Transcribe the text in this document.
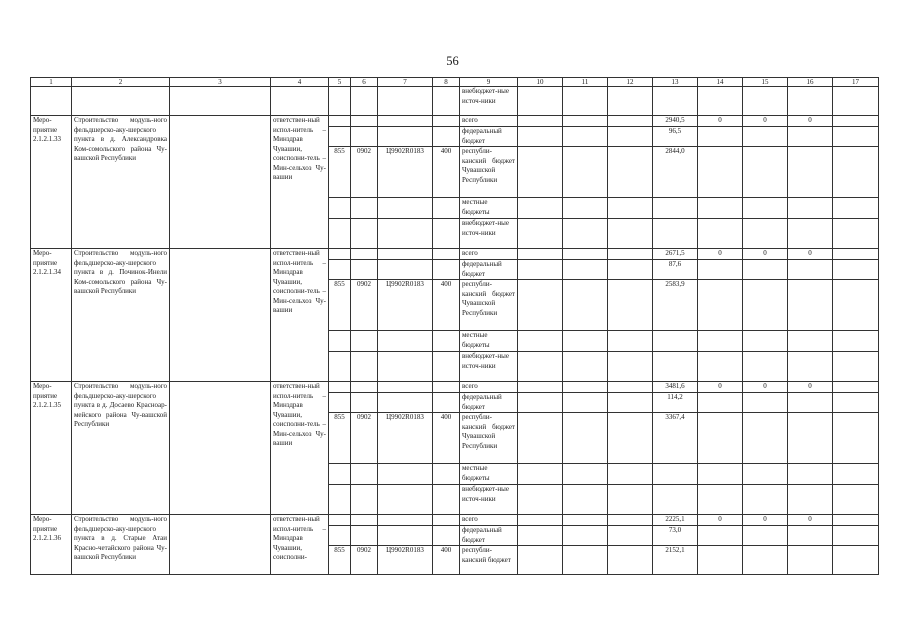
56
1	2	3	4	5	6	7	8	9	10	11	12	13	14	15	16	17
								внебюджет-ные источ-ники								
Меро-приятие 2.1.2.1.33	Строительство модуль-ного фельдшерско-аку-шерского пункта в д. Александровка Ком-сомольского района Чу-вашской Республики		ответствен-ный испол-нитель – Минздрав Чувашии, соисполни-тель – Мин-сельхоз Чу-вашии					всего				2940,5	0	0	0	
								федеральный бюджет				96,5				
				855	0902	Ц9902R0183	400	республи-канский бюджет Чувашской Республики				2844,0				
								местные бюджеты								
								внебюджет-ные источ-ники								
Меро-приятие 2.1.2.1.34	Строительство модуль-ного фельдшерско-аку-шерского пункта в д. Починок-Инели Ком-сомольского района Чу-вашской Республики		ответствен-ный испол-нитель – Минздрав Чувашии, соисполни-тель – Мин-сельхоз Чу-вашии					всего				2671,5	0	0	0	
								федеральный бюджет				87,6				
				855	0902	Ц9902R0183	400	республи-канский бюджет Чувашской Республики				2583,9				
								местные бюджеты								
								внебюджет-ные источ-ники								
Меро-приятие 2.1.2.1.35	Строительство модуль-ного фельдшерско-аку-шерского пункта в д. Досаево Красноар-мейского района Чу-вашской Республики		ответствен-ный испол-нитель – Минздрав Чувашии, соисполни-тель – Мин-сельхоз Чу-вашии					всего				3481,6	0	0	0	
								федеральный бюджет				114,2				
				855	0902	Ц9902R0183	400	республи-канский бюджет Чувашской Республики				3367,4				
								местные бюджеты								
								внебюджет-ные источ-ники								
Меро-приятие 2.1.2.1.36	Строительство модуль-ного фельдшерско-аку-шерского пункта в д. Старые Атаи Красно-четайского района Чу-вашской Республики		ответствен-ный испол-нитель – Минздрав Чувашии, соисполни-					всего				2225,1	0	0	0	
								федеральный бюджет				73,0				
				855	0902	Ц9902R0183	400	республи-канский бюджет				2152,1				
